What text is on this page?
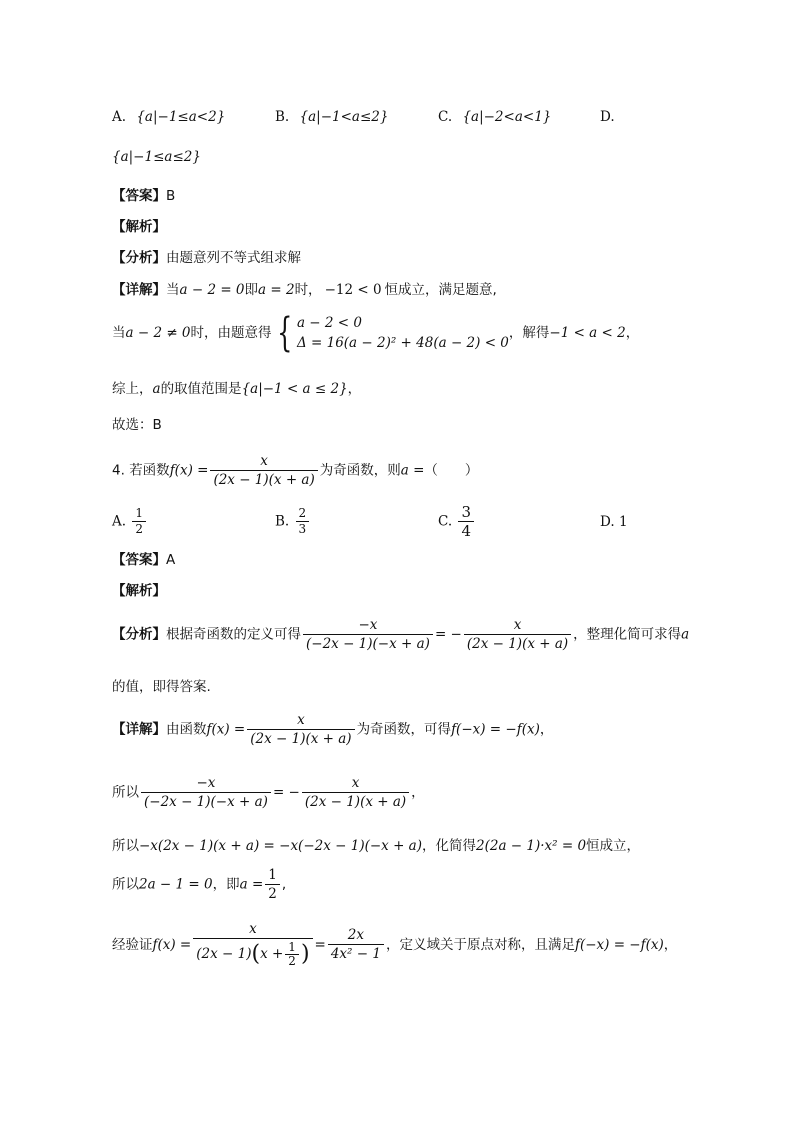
A. {a|−1≤a<2}	B. {a|−1<a≤2}	C. {a|−2<a<1}	D.
{a|−1≤a≤2}
【答案】B
【解析】
【分析】由题意列不等式组求解
【详解】当a − 2 = 0即a = 2时， −12 < 0 恒成立，满足题意,
当a − 2 ≠ 0时，由题意得 { a − 2 < 0
Δ = 16(a − 2)² + 48(a − 2) < 0
，解得−1 < a < 2，
综上，a的取值范围是{a|−1 < a ≤ 2}，
故选：B
4. 若函数$f(x) = \frac{x}{(2x - 1)(x + a)}$ 为奇函数，则a =（　　）
A. $\frac{1}{2}$	B. $\frac{2}{3}$	C. $\frac{3}{4}$	D. 1
【答案】A
【解析】
【分析】根据奇函数的定义可得 $\frac{-x}{(-2x - 1)(-x + a)}$ = − $\frac{x}{(2x - 1)(x + a)}$ ，整理化简可求得a
的值，即得答案.
【详解】由函数$f(x) = \frac{x}{(2x - 1)(x + a)}$ 为奇函数，可得f(−x) = −f(x)，
所以 $\frac{-x}{(-2x - 1)(-x + a)}$ = − $\frac{x}{(2x - 1)(x + a)}$ ，
所以−x(2x − 1)(x + a) = −x(−2x − 1)(−x + a)，化简得2(2a − 1)·x² = 0恒成立，
所以2a − 1 = 0，即$a = \frac{1}{2}$ ,
经验证$f(x) = \frac{x}{(2x - 1)(x + \frac{1}{2} )} = \frac{2x}{\text{4x² − 1}}$ ，定义域关于原点对称，且满足f(−x) = −f(x)，
